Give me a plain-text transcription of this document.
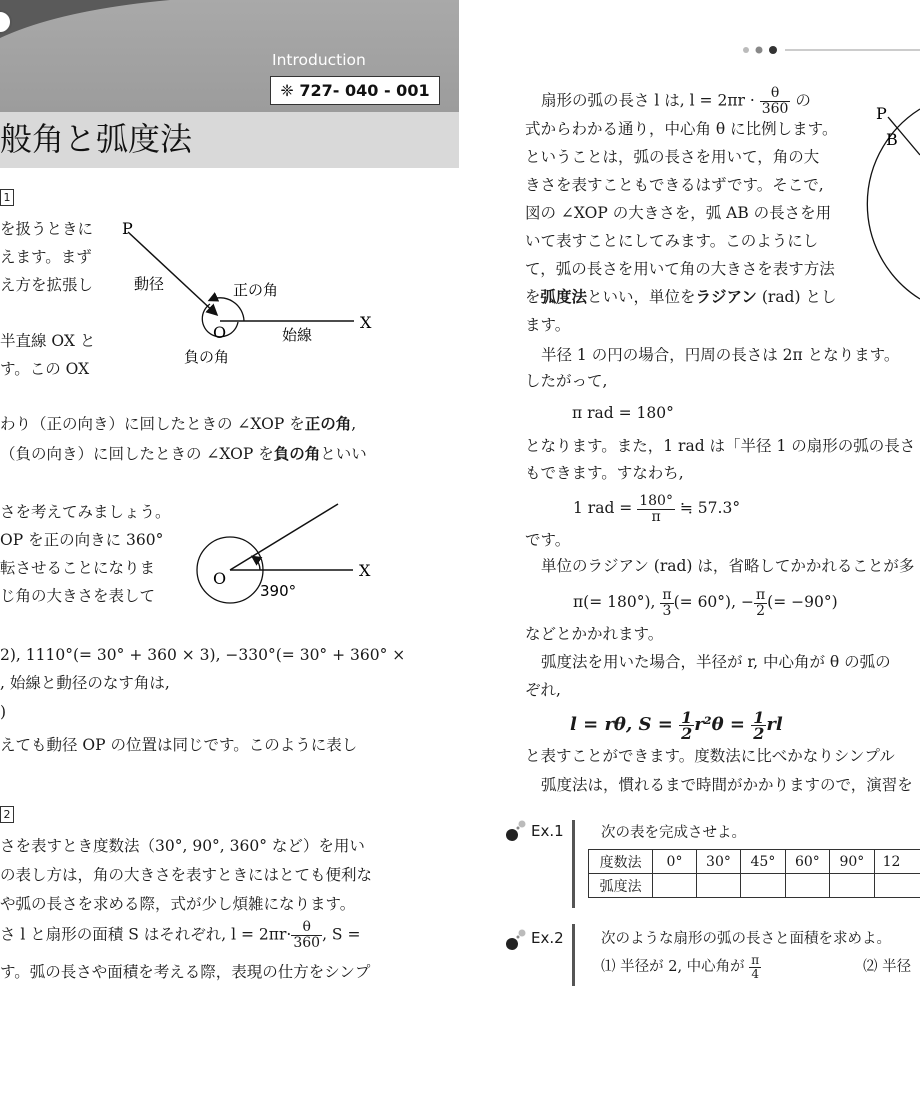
Introduction
❈ 727- 040 - 001
般角と弧度法
1
を扱うときに
えます。まず
え方を拡張し
半直線 OX と
す。この OX
わり（正の向き）に回したときの ∠XOP を正の角,
（負の向き）に回したときの ∠XOP を負の角といい
P
O
X
動径	正の角
始線
負の角
さを考えてみましょう。
OP を正の向きに 360°
転させることになりま
じ角の大きさを表して
O	X
390°
2), 1110°(= 30° + 360 × 3), −330°(= 30° + 360° ×
, 始線と動径のなす角は,
)
えても動径 OP の位置は同じです。このように表し
2
さを表すとき度数法（30°, 90°, 360° など）を用い
の表し方は，角の大きさを表すときにはとても便利な
や弧の長さを求める際，式が少し煩雑になります。
さ l と扇形の面積 S はそれぞれ, $l = 2\pi r\cdot \frac{\theta}{360}$ , S =
す。弧の長さや面積を考える際，表現の仕方をシンプ
P
B
扇形の弧の長さ l は, $l = 2\pi r \cdot \frac{\theta}{360}$ の
式からわかる通り，中心角 θ に比例します。
ということは，弧の長さを用いて，角の大
きさを表すこともできるはずです。そこで,
図の ∠XOP の大きさを，弧 AB の長さを用
いて表すことにしてみます。このようにし
て，弧の長さを用いて角の大きさを表す方法
を弧度法といい，単位をラジアン (rad) とし
ます。
半径 1 の円の場合，円周の長さは 2π となります。
したがって,
π rad = 180°
となります。また，1 rad は「半径 1 の扇形の弧の長さ
もできます。すなわち,
1 rad = $\frac{180^\circ}{\pi}$ ≒ 57.3°
です。
単位のラジアン (rad) は，省略してかかれることが多
π(= 180°), $\frac{\pi}{3}$ (= 60°), − $\frac{\pi}{2}$ (= −90°)
などとかかれます。
弧度法を用いた場合，半径が r, 中心角が θ の弧の
ぞれ,
l = rθ, $S = \frac{1}{2} r^2\theta = \frac{1}{2}$ rl
と表すことができます。度数法に比べかなりシンプル
弧度法は，慣れるまで時間がかかりますので，演習を
Ex.1	次の表を完成させよ。
度数法	0°	30°	45°	60°	90°	12
弧度法						
Ex.2	次のような扇形の弧の長さと面積を求めよ。
⑴ 半径が 2, 中心角が $\frac{\pi}{4}$	⑵ 半径
